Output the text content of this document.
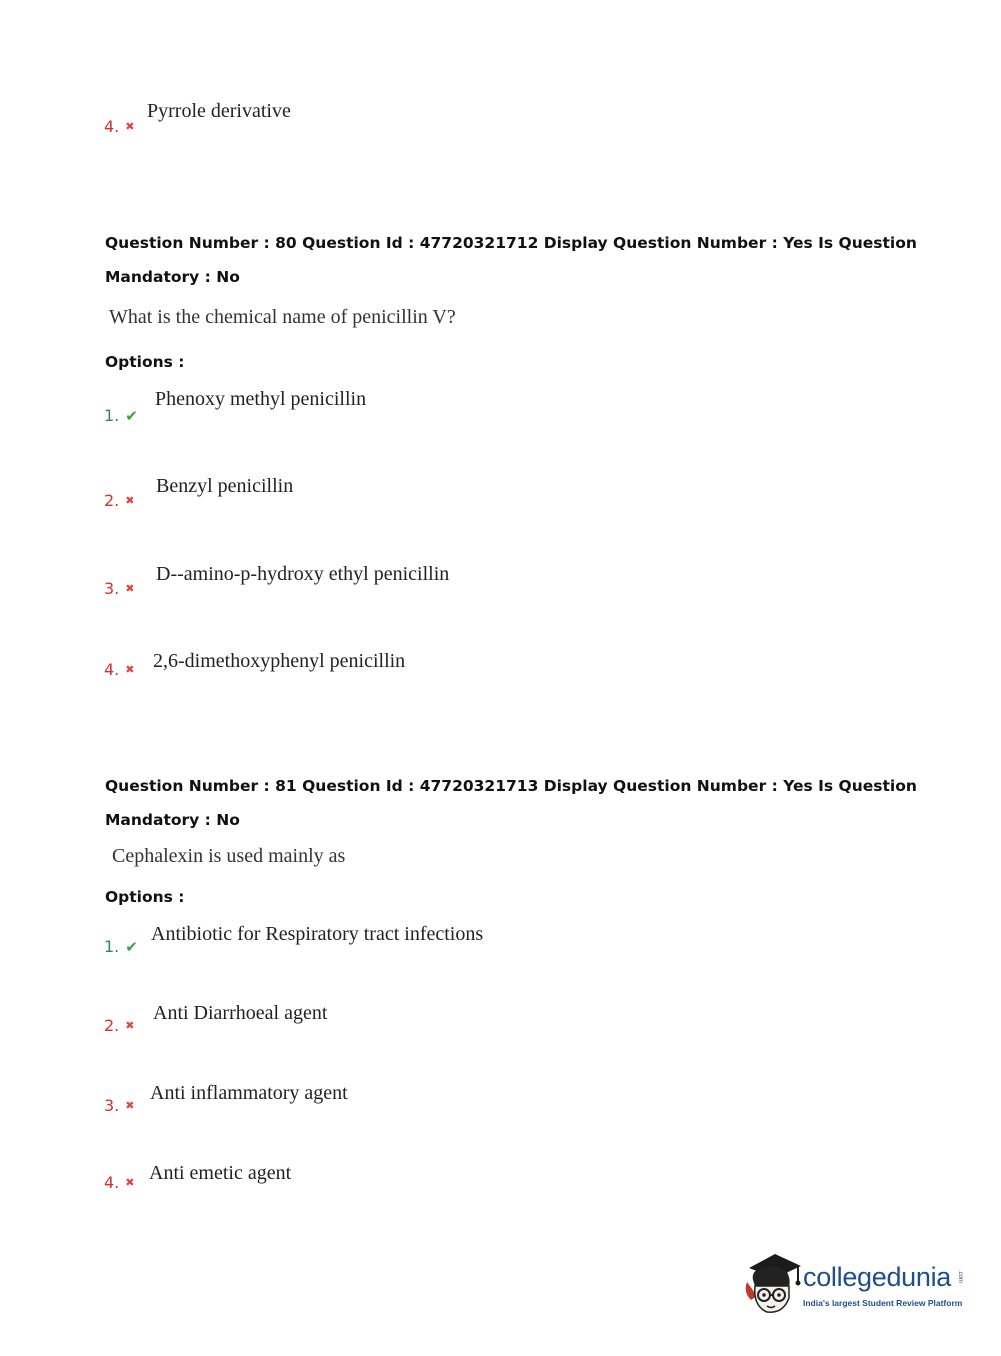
4. ✖
Pyrrole derivative
Question Number : 80 Question Id : 47720321712 Display Question Number : Yes Is Question Mandatory : No
What is the chemical name of penicillin V?
Options :
1. ✔
Phenoxy methyl penicillin
2. ✖
Benzyl penicillin
3. ✖
D--amino-p-hydroxy ethyl penicillin
4. ✖ 2,6-dimethoxyphenyl penicillin
Question Number : 81 Question Id : 47720321713 Display Question Number : Yes Is Question Mandatory : No
Cephalexin is used mainly as
Options :
1. ✔
Antibiotic for Respiratory tract infections
2. ✖
Anti Diarrhoeal agent
3. ✖
Anti inflammatory agent
4. ✖ Anti emetic agent
collegedunia .com
India's largest Student Review Platform
